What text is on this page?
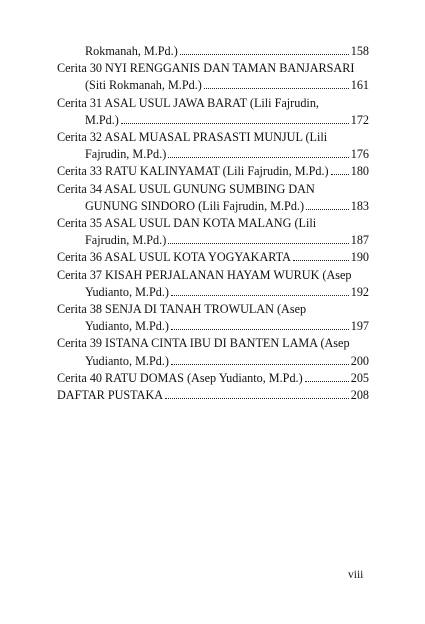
Rokmanah, M.Pd.)	158
Cerita 30 NYI RENGGANIS DAN TAMAN BANJARSARI
(Siti Rokmanah, M.Pd.)	161
Cerita 31 ASAL USUL JAWA BARAT (Lili Fajrudin,
M.Pd.)	172
Cerita 32 ASAL MUASAL PRASASTI MUNJUL (Lili
Fajrudin, M.Pd.)	176
Cerita 33 RATU KALINYAMAT (Lili Fajrudin, M.Pd.) 180
Cerita 34 ASAL USUL GUNUNG SUMBING DAN
GUNUNG SINDORO (Lili Fajrudin, M.Pd.)	183
Cerita 35 ASAL USUL DAN KOTA MALANG (Lili
Fajrudin, M.Pd.)	187
Cerita 36 ASAL USUL KOTA YOGYAKARTA	190
Cerita 37 KISAH PERJALANAN HAYAM WURUK (Asep
Yudianto, M.Pd.)	192
Cerita 38 SENJA DI TANAH TROWULAN (Asep
Yudianto, M.Pd.)	197
Cerita 39 ISTANA CINTA IBU DI BANTEN LAMA (Asep
Yudianto, M.Pd.)	200
Cerita 40 RATU DOMAS (Asep Yudianto, M.Pd.)	205
DAFTAR PUSTAKA	208
viii
